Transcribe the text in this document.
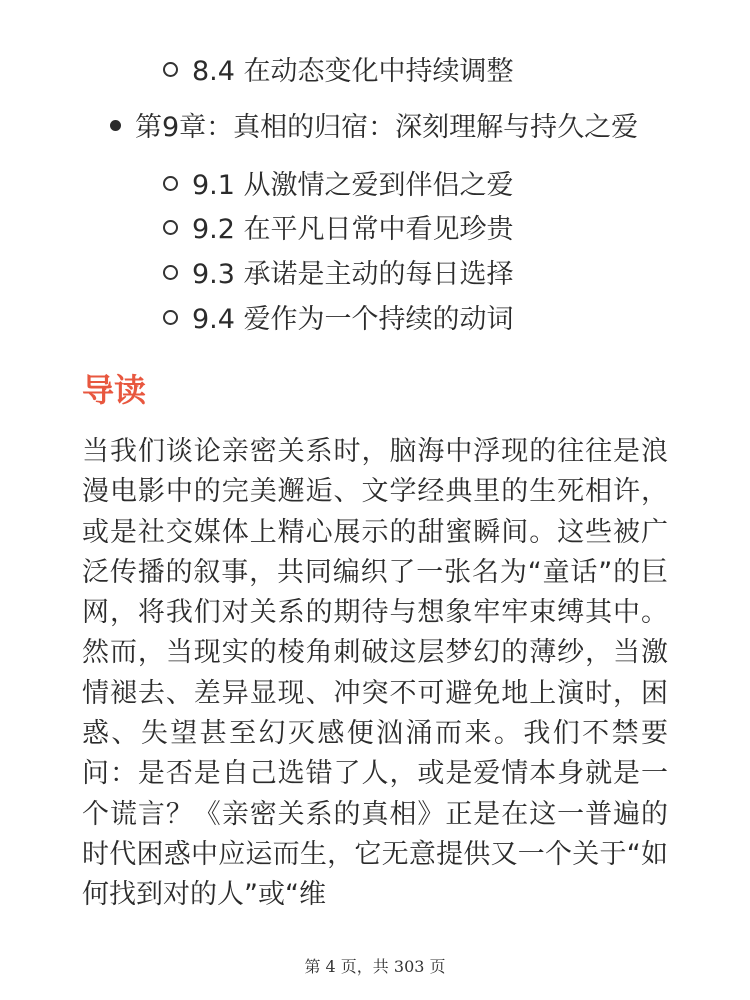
8.4 在动态变化中持续调整
第9章：真相的归宿：深刻理解与持久之爱
9.1 从激情之爱到伴侣之爱
9.2 在平凡日常中看见珍贵
9.3 承诺是主动的每日选择
9.4 爱作为一个持续的动词
导读

当我们谈论亲密关系时，脑海中浮现的往往是浪漫电影中的完美邂逅、文学经典里的生死相许，或是社交媒体上精心展示的甜蜜瞬间。这些被广泛传播的叙事，共同编织了一张名为“童话”的巨网，将我们对关系的期待与想象牢牢束缚其中。然而，当现实的棱角刺破这层梦幻的薄纱，当激情褪去、差异显现、冲突不可避免地上演时，困惑、失望甚至幻灭感便汹涌而来。我们不禁要问：是否是自己选错了人，或是爱情本身就是一个谎言？《亲密关系的真相》正是在这一普遍的时代困惑中应运而生，它无意提供又一个关于“如何找到对的人”或“维

第 4 页，共 303 页
